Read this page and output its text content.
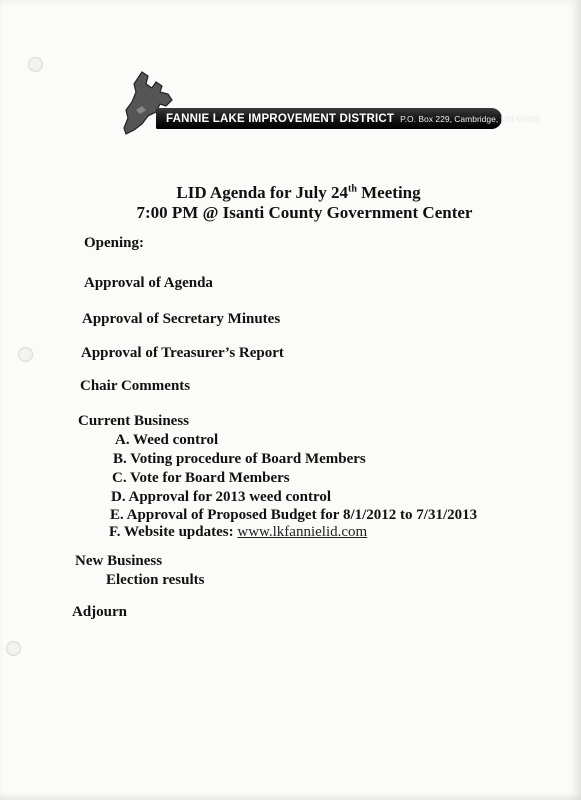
FANNIE LAKE IMPROVEMENT DISTRICT P.O. Box 229, Cambridge, MN 55008
LID Agenda for July 24th Meeting
7:00 PM @ Isanti County Government Center
Opening:
Approval of Agenda
Approval of Secretary Minutes
Approval of Treasurer’s Report
Chair Comments
Current Business
A. Weed control
B. Voting procedure of Board Members
C. Vote for Board Members
D. Approval for 2013 weed control
E. Approval of Proposed Budget for 8/1/2012 to 7/31/2013
F. Website updates: www.lkfannielid.com
New Business
Election results
Adjourn
